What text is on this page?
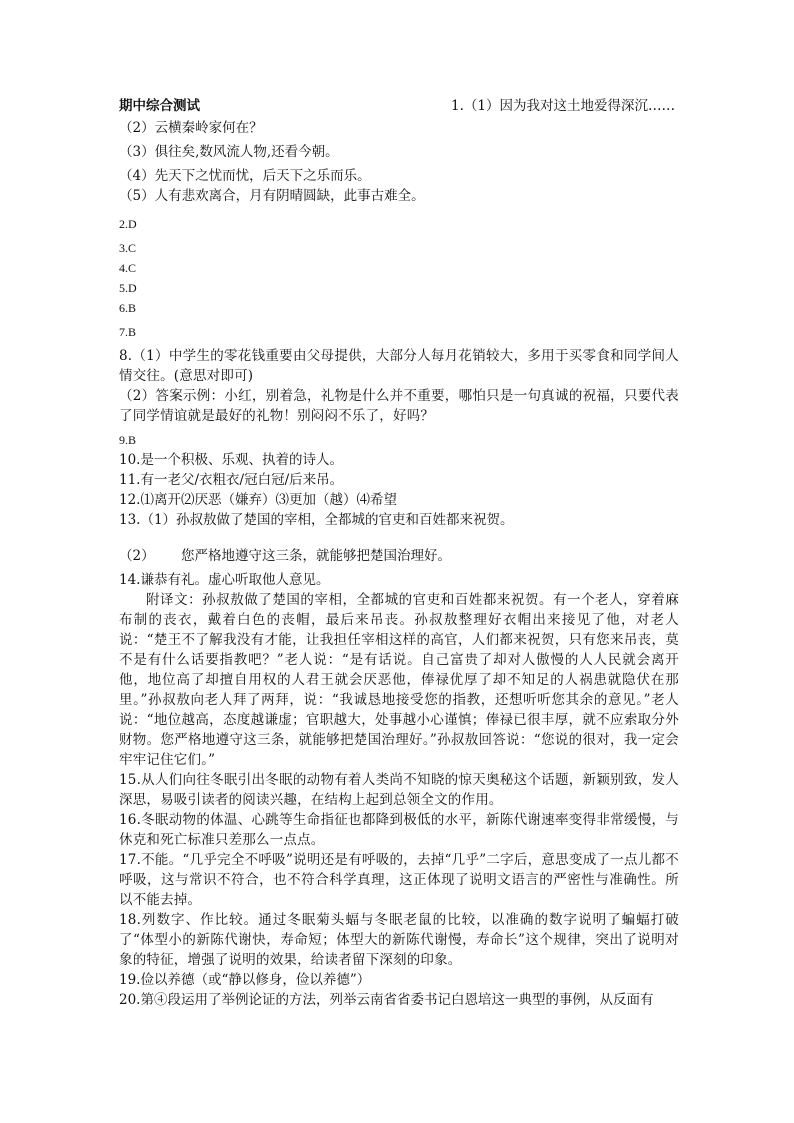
期中综合测试	1.（1）因为我对这土地爱得深沉……
（2）云横秦岭家何在？
（3）俱往矣,数风流人物,还看今朝。
（4）先天下之忧而忧，后天下之乐而乐。
（5）人有悲欢离合，月有阴晴圆缺，此事古难全。
2.D
3.C
4.C
5.D
6.B
7.B
8.（1）中学生的零花钱重要由父母提供，大部分人每月花销较大，多用于买零食和同学间人情交往。(意思对即可)
（2）答案示例：小红，别着急，礼物是什么并不重要，哪怕只是一句真诚的祝福，只要代表了同学情谊就是最好的礼物！别闷闷不乐了，好吗？
9.B
10.是一个积极、乐观、执着的诗人。
11.有一老父/衣粗衣/冠白冠/后来吊。
12.⑴离开⑵厌恶（嫌弃）⑶更加（越）⑷希望
13.（1）孙叔敖做了楚国的宰相，全都城的官吏和百姓都来祝贺。
（2） 您严格地遵守这三条，就能够把楚国治理好。
14.谦恭有礼。虚心听取他人意见。
附译文：孙叔敖做了楚国的宰相，全都城的官吏和百姓都来祝贺。有一个老人，穿着麻布制的丧衣，戴着白色的丧帽，最后来吊丧。孙叔敖整理好衣帽出来接见了他，对老人说：“楚王不了解我没有才能，让我担任宰相这样的高官，人们都来祝贺，只有您来吊丧，莫不是有什么话要指教吧？”老人说：“是有话说。自己富贵了却对人傲慢的人人民就会离开他，地位高了却擅自用权的人君王就会厌恶他，俸禄优厚了却不知足的人祸患就隐伏在那里。”孙叔敖向老人拜了两拜，说：“我诚恳地接受您的指教，还想听听您其余的意见。”老人说：“地位越高，态度越谦虚；官职越大，处事越小心谨慎；俸禄已很丰厚，就不应索取分外财物。您严格地遵守这三条，就能够把楚国治理好。”孙叔敖回答说：“您说的很对，我一定会牢牢记住它们。”
15.从人们向往冬眠引出冬眠的动物有着人类尚不知晓的惊天奥秘这个话题，新颖别致，发人深思，易吸引读者的阅读兴趣，在结构上起到总领全文的作用。
16.冬眠动物的体温、心跳等生命指征也都降到极低的水平，新陈代谢速率变得非常缓慢，与休克和死亡标准只差那么一点点。
17.不能。“几乎完全不呼吸”说明还是有呼吸的，去掉“几乎”二字后，意思变成了一点儿都不呼吸，这与常识不符合，也不符合科学真理，这正体现了说明文语言的严密性与准确性。所以不能去掉。
18.列数字、作比较。通过冬眠菊头蝠与冬眠老鼠的比较，以准确的数字说明了蝙蝠打破了“体型小的新陈代谢快，寿命短；体型大的新陈代谢慢，寿命长”这个规律，突出了说明对象的特征，增强了说明的效果，给读者留下深刻的印象。
19.俭以养德（或“静以修身，俭以养德”）
20.第④段运用了举例论证的方法，列举云南省省委书记白恩培这一典型的事例，从反面有
